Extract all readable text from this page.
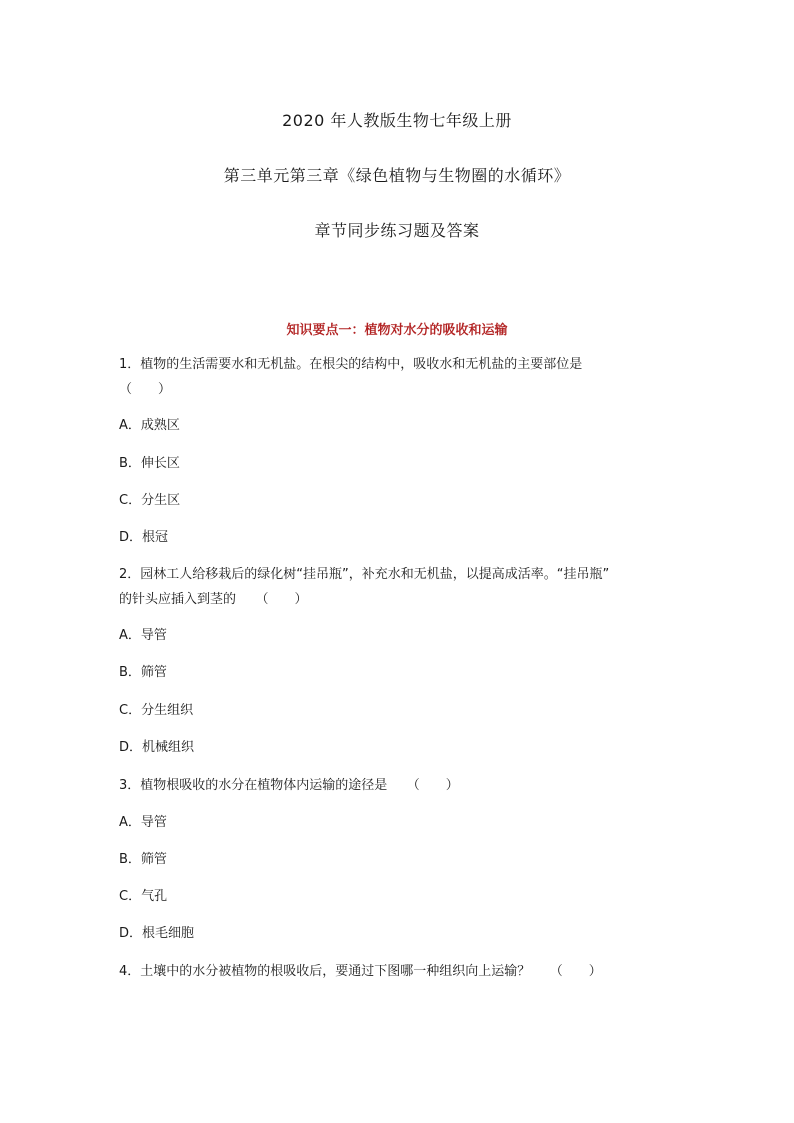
2020 年人教版生物七年级上册
第三单元第三章《绿色植物与生物圈的水循环》
章节同步练习题及答案
知识要点一：植物对水分的吸收和运输
1．植物的生活需要水和无机盐。在根尖的结构中，吸收水和无机盐的主要部位是
（　　）
A．成熟区
B．伸长区
C．分生区
D．根冠
2．园林工人给移栽后的绿化树“挂吊瓶”，补充水和无机盐，以提高成活率。“挂吊瓶”
的针头应插入到茎的　　（　　）
A．导管
B．筛管
C．分生组织
D．机械组织
3．植物根吸收的水分在植物体内运输的途径是　　（　　）
A．导管
B．筛管
C．气孔
D．根毛细胞
4．土壤中的水分被植物的根吸收后，要通过下图哪一种组织向上运输？　　（　　）
